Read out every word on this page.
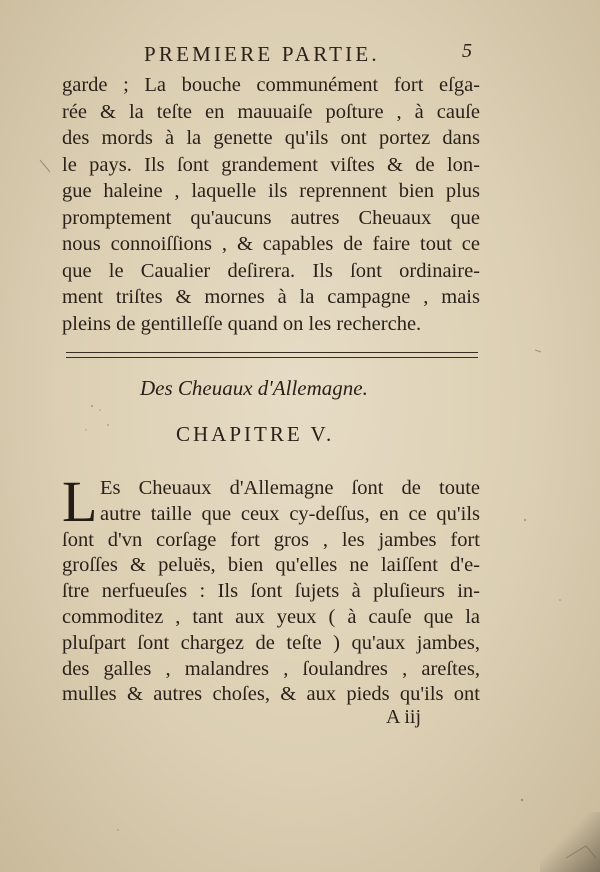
PREMIERE PARTIE.	5
garde ; La bouche communément fort eſga-
rée & la teſte en mauuaiſe poſture , à cauſe
des mords à la genette qu'ils ont portez dans
le pays. Ils ſont grandement viſtes & de lon-
gue haleine , laquelle ils reprennent bien plus
promptement qu'aucuns autres Cheuaux que
nous connoiſſions , & capables de faire tout ce
que le Caualier deſirera. Ils ſont ordinaire-
ment triſtes & mornes à la campagne , mais
pleins de gentilleſſe quand on les recherche.
Des Cheuaux d'Allemagne.
CHAPITRE V.
L Es Cheuaux d'Allemagne ſont de toute
autre taille que ceux cy-deſſus, en ce qu'ils
ſont d'vn corſage fort gros , les jambes fort
groſſes & peluës, bien qu'elles ne laiſſent d'e-
ſtre nerfueuſes : Ils ſont ſujets à pluſieurs in-
commoditez , tant aux yeux ( à cauſe que la
pluſpart ſont chargez de teſte ) qu'aux jambes,
des galles , malandres , ſoulandres , areſtes,
mulles & autres choſes, & aux pieds qu'ils ont
A iij
